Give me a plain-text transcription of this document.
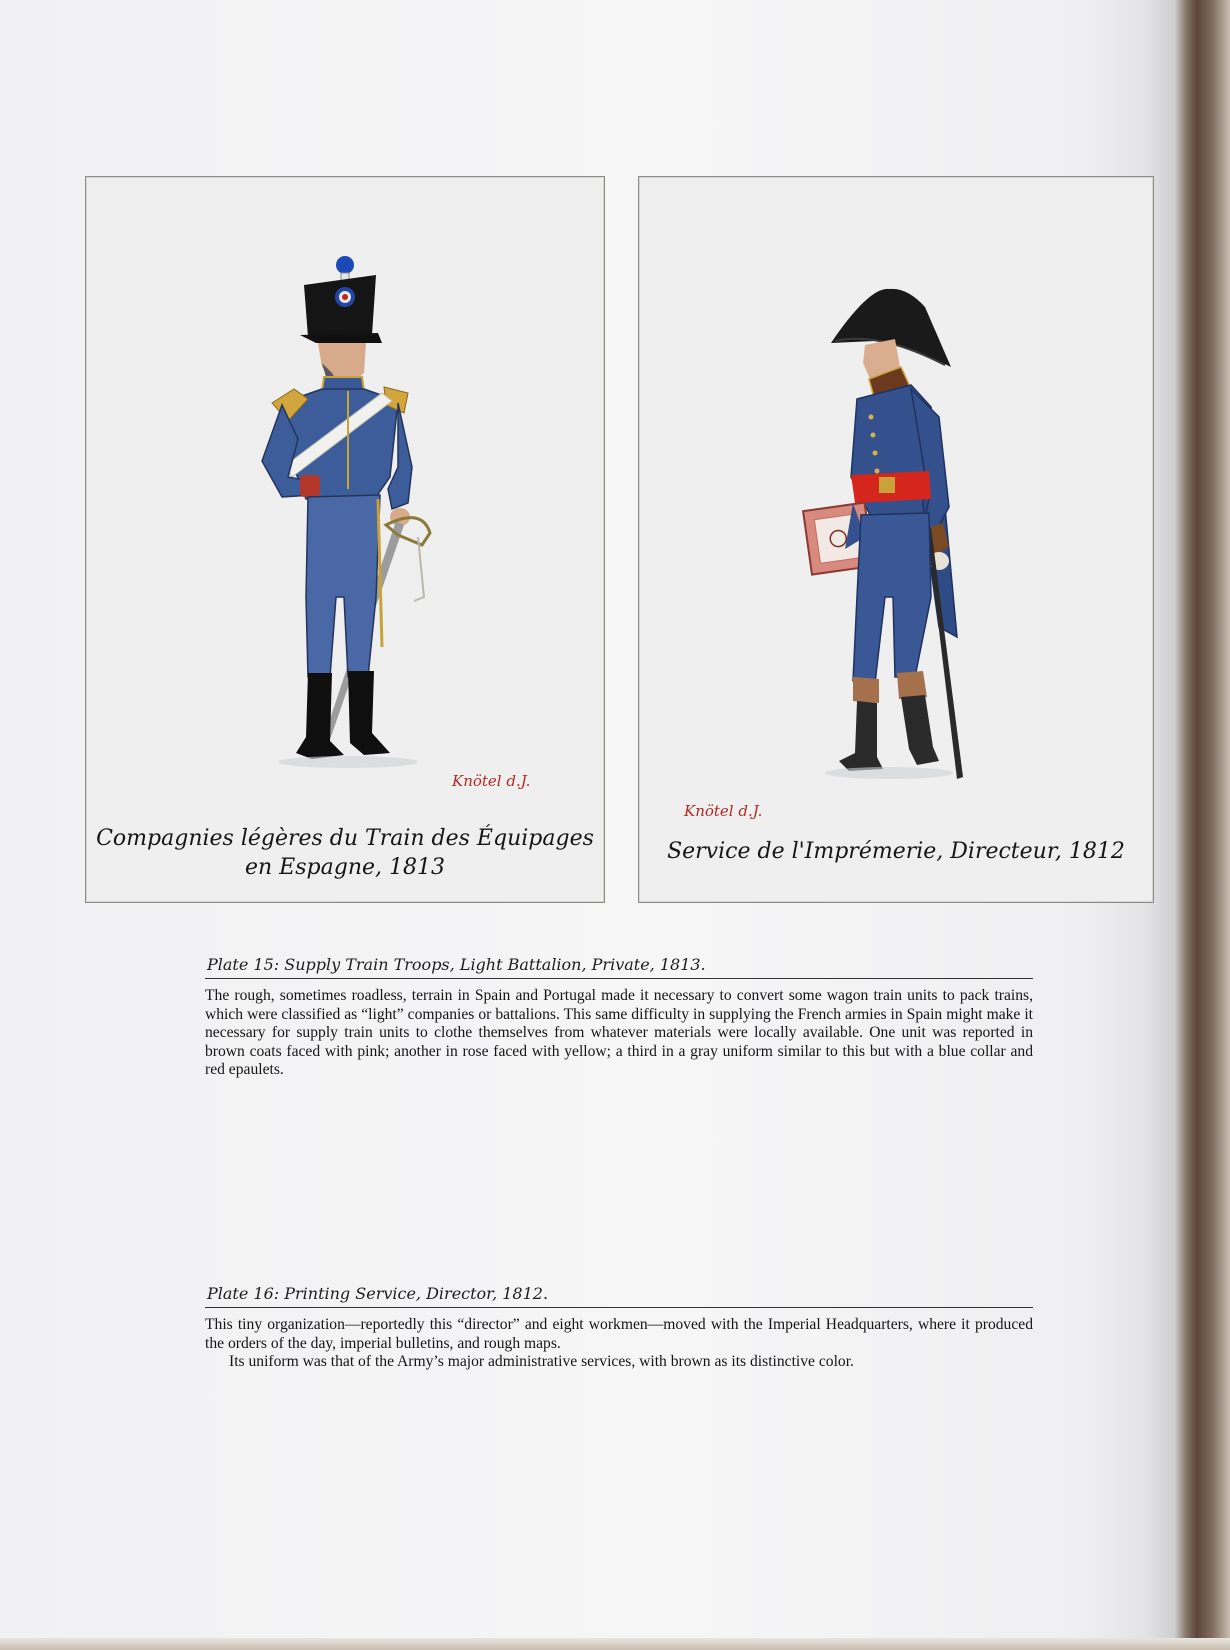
Knötel d.J.
Compagnies légères du Train des Équipages
en Espagne, 1813
Knötel d.J.
Service de l'Imprémerie, Directeur, 1812
Plate 15: Supply Train Troops, Light Battalion, Private, 1813.

The rough, sometimes roadless, terrain in Spain and Portugal made it necessary to convert some wagon train units to pack trains, which were classified as “light” companies or battalions. This same difficulty in supplying the French armies in Spain might make it necessary for supply train units to clothe themselves from whatever materials were locally available. One unit was reported in brown coats faced with pink; another in rose faced with yellow; a third in a gray uniform similar to this but with a blue collar and red epaulets.

Plate 16: Printing Service, Director, 1812.

This tiny organization—reportedly this “director” and eight workmen—moved with the Imperial Headquarters, where it produced the orders of the day, imperial bulletins, and rough maps.

Its uniform was that of the Army’s major administrative services, with brown as its distinctive color.
